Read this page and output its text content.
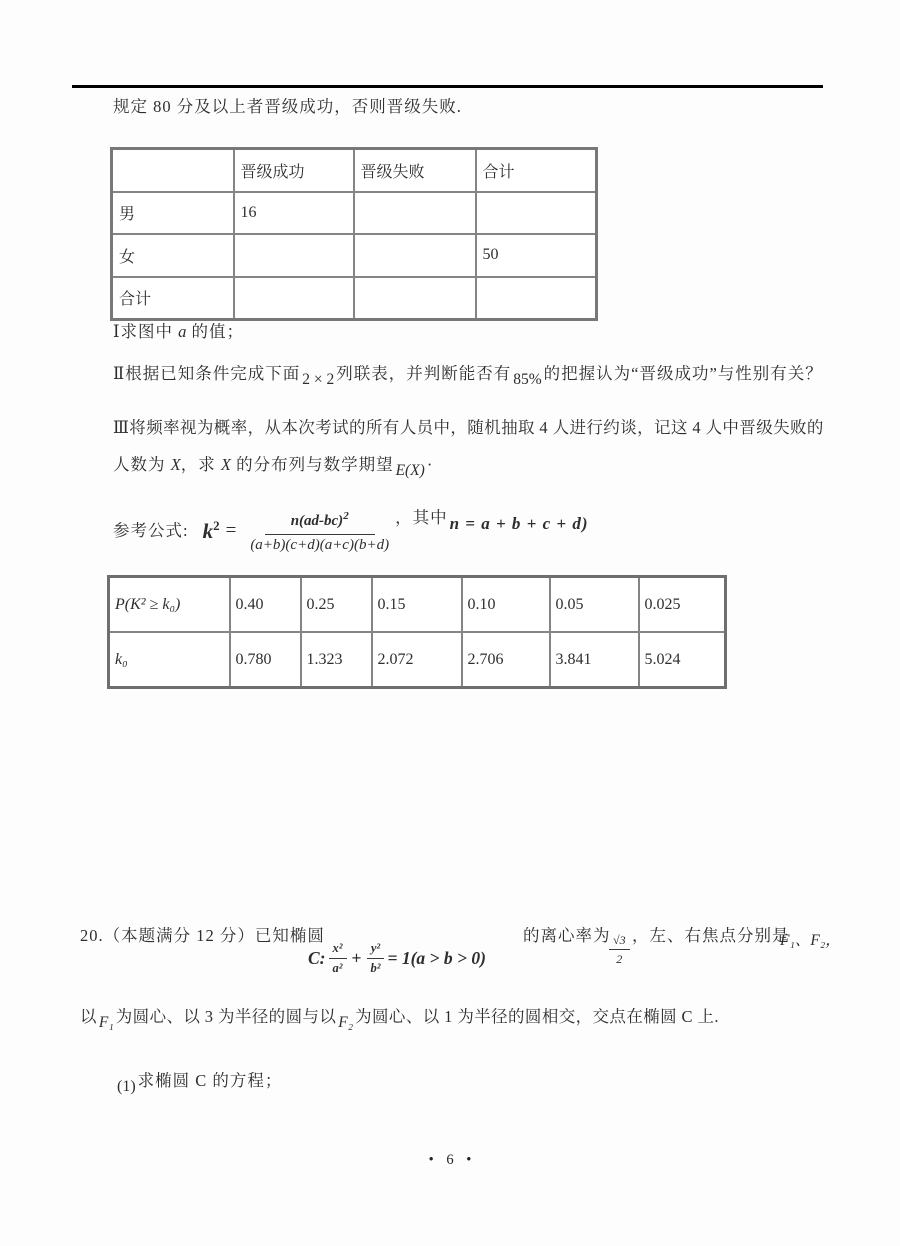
规定 80 分及以上者晋级成功，否则晋级失败.
	晋级成功	晋级失败	合计
男	16		
女			50
合计			
Ⅰ求图中 a 的值；
Ⅱ根据已知条件完成下面 2 × 2 列联表，并判断能否有 85% 的把握认为“晋级成功”与性别有关？
Ⅲ将频率视为概率，从本次考试的所有人员中，随机抽取 4 人进行约谈，记这 4 人中晋级失败的
人数为 X，求 X 的分布列与数学期望 E(X) ·
参考公式: $k^2 = \frac{n(ad-bc)^2}{(a+b)(c+d)(a+c)(b+d)}$ ，其中 n = a + b + c + d)
P(K² ≥ k₀)	0.40	0.25	0.15	0.10	0.05	0.025
k₀	0.780	1.323	2.072	2.706	3.841	5.024
20.（本题满分 12 分）已知椭圆
C: $\frac{\text{x²}}{\text{a²}} + \frac{\text{y²}}{\text{b²}} = 1(a > b > 0)$
的离心率为
$\frac{√3}{2}$ ，左、右焦点分别是
F₁、F₂，
以 F₁ 为圆心、以 3 为半径的圆与以 F₂ 为圆心、以 1 为半径的圆相交，交点在椭圆 C 上.
(1) 求椭圆 C 的方程；
• 6 •
